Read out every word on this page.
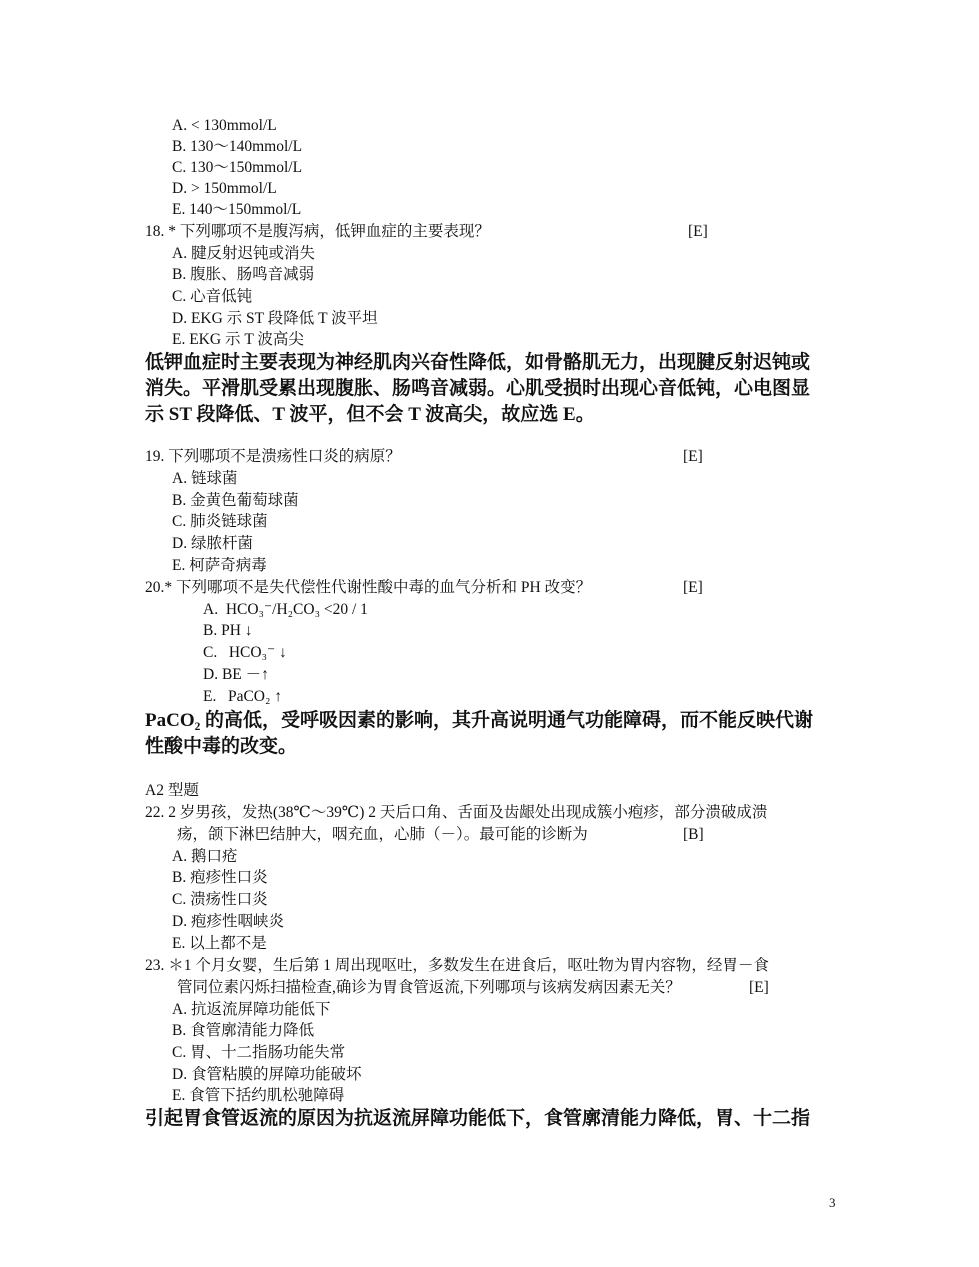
A. < 130mmol/L
B. 130～140mmol/L
C. 130～150mmol/L
D. > 150mmol/L
E. 140～150mmol/L
18. * 下列哪项不是腹泻病，低钾血症的主要表现？	[E]
A. 腱反射迟钝或消失
B. 腹胀、肠鸣音减弱
C. 心音低钝
D. EKG 示 ST 段降低 T 波平坦
E. EKG 示 T 波高尖
低钾血症时主要表现为神经肌肉兴奋性降低，如骨骼肌无力，出现腱反射迟钝或
消失。平滑肌受累出现腹胀、肠鸣音减弱。心肌受损时出现心音低钝，心电图显
示 ST 段降低、T 波平，但不会 T 波高尖，故应选 E。
19. 下列哪项不是溃疡性口炎的病原？	[E]
A. 链球菌
B. 金黄色葡萄球菌
C. 肺炎链球菌
D. 绿脓杆菌
E. 柯萨奇病毒
20.* 下列哪项不是失代偿性代谢性酸中毒的血气分析和 PH 改变？	[E]
A. HCO₃⁻/H₂CO₃ <20 / 1
B. PH ↓
C. HCO₃⁻ ↓
D. BE －↑
E. PaCO₂ ↑
PaCO₂ 的高低，受呼吸因素的影响，其升高说明通气功能障碍，而不能反映代谢
性酸中毒的改变。
A2 型题
22. 2 岁男孩，发热(38℃～39℃) 2 天后口角、舌面及齿龈处出现成簇小疱疹，部分溃破成溃
疡，颌下淋巴结肿大，咽充血，心肺（－）。最可能的诊断为	[B]
A. 鹅口疮
B. 疱疹性口炎
C. 溃疡性口炎
D. 疱疹性咽峡炎
E. 以上都不是
23. ＊1 个月女婴，生后第 1 周出现呕吐，多数发生在进食后，呕吐物为胃内容物，经胃－食
管同位素闪烁扫描检查,确诊为胃食管返流,下列哪项与该病发病因素无关？	[E]
A. 抗返流屏障功能低下
B. 食管廓清能力降低
C. 胃、十二指肠功能失常
D. 食管粘膜的屏障功能破坏
E. 食管下括约肌松驰障碍
引起胃食管返流的原因为抗返流屏障功能低下，食管廓清能力降低，胃、十二指
3
